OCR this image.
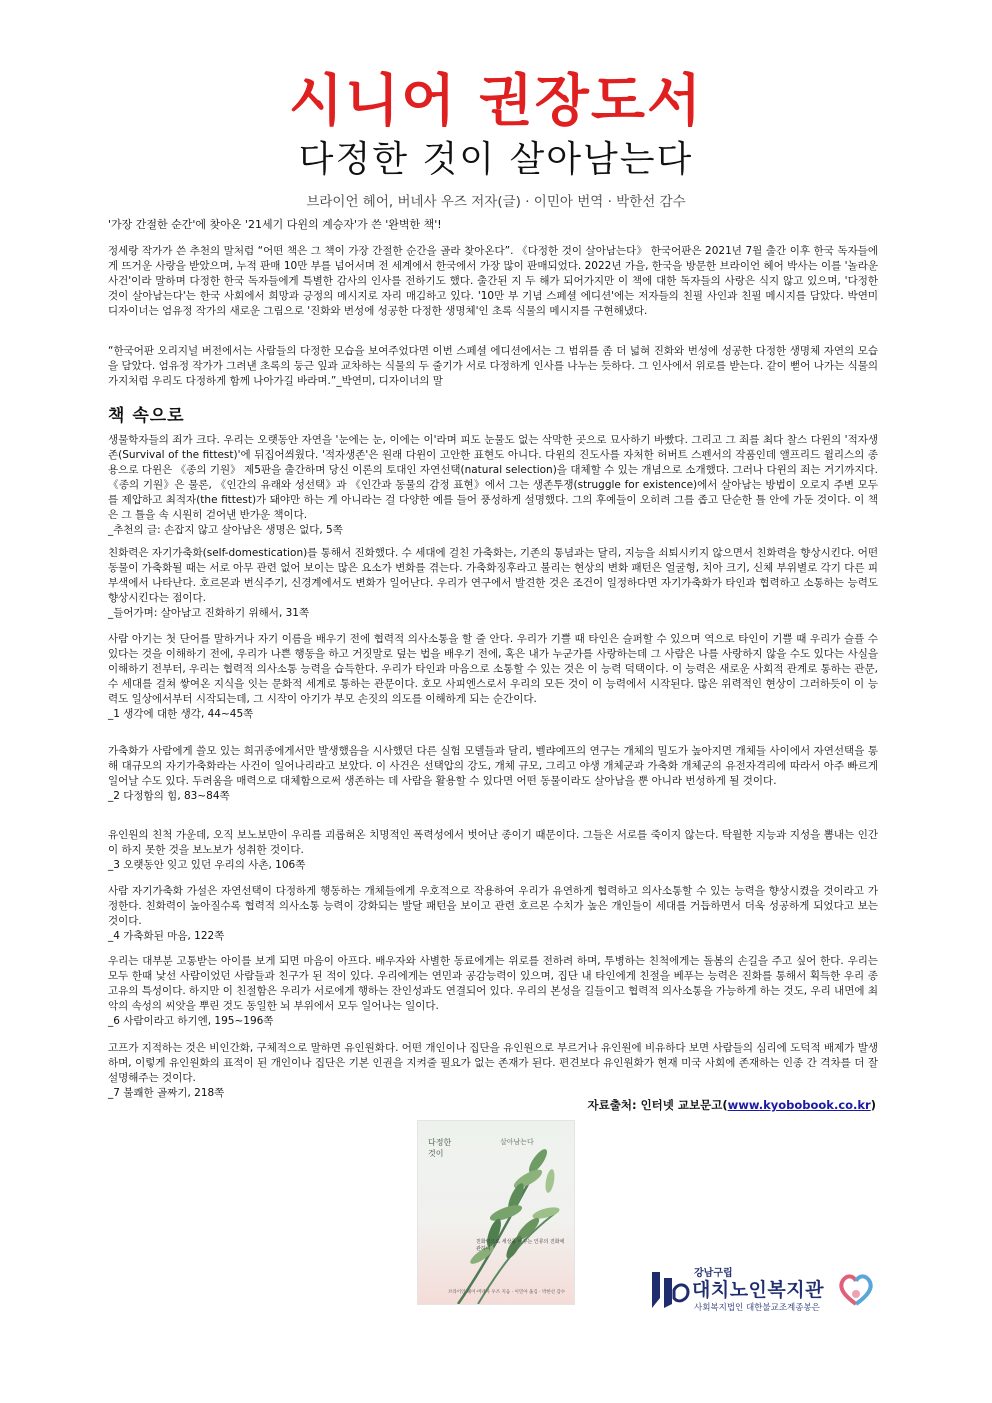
시니어 권장도서
다정한 것이 살아남는다
브라이언 헤어, 버네사 우즈 저자(글) · 이민아 번역 · 박한선 감수
'가장 간절한 순간'에 찾아온 '21세기 다윈의 계승자'가 쓴 '완벽한 책'!

정세랑 작가가 쓴 추천의 말처럼 “어떤 책은 그 책이 가장 간절한 순간을 골라 찾아온다”. 《다정한 것이 살아남는다》 한국어판은 2021년 7월 출간 이후 한국 독자들에게 뜨거운 사랑을 받았으며, 누적 판매 10만 부를 넘어서며 전 세계에서 한국에서 가장 많이 판매되었다. 2022년 가을, 한국을 방문한 브라이언 헤어 박사는 이를 '놀라운 사건'이라 말하며 다정한 한국 독자들에게 특별한 감사의 인사를 전하기도 했다. 출간된 지 두 해가 되어가지만 이 책에 대한 독자들의 사랑은 식지 않고 있으며, '다정한 것이 살아남는다'는 한국 사회에서 희망과 긍정의 메시지로 자리 매김하고 있다. '10만 부 기념 스페셜 에디션'에는 저자들의 친필 사인과 친필 메시지를 담았다. 박연미 디자이너는 엄유정 작가의 새로운 그림으로 '진화와 번성에 성공한 다정한 생명체'인 초록 식물의 메시지를 구현해냈다.

“한국어판 오리지널 버전에서는 사람들의 다정한 모습을 보여주었다면 이번 스페셜 에디션에서는 그 범위를 좀 더 넓혀 진화와 번성에 성공한 다정한 생명체 자연의 모습을 담았다. 엄유정 작가가 그려낸 초록의 둥근 잎과 교차하는 식물의 두 줄기가 서로 다정하게 인사를 나누는 듯하다. 그 인사에서 위로를 받는다. 같이 뻗어 나가는 식물의 가지처럼 우리도 다정하게 함께 나아가길 바라며.”_박연미, 디자이너의 말

책 속으로

생물학자들의 죄가 크다. 우리는 오랫동안 자연을 '눈에는 눈, 이에는 이'라며 피도 눈물도 없는 삭막한 곳으로 묘사하기 바빴다. 그리고 그 죄를 최다 찰스 다윈의 '적자생존(Survival of the fittest)'에 뒤집어씌웠다. '적자생존'은 원래 다윈이 고안한 표현도 아니다. 다윈의 진도사를 자처한 허버트 스펜서의 작품인데 앨프리드 윌리스의 종용으로 다윈은 《종의 기원》 제5판을 출간하며 당신 이론의 토대인 자연선택(natural selection)을 대체할 수 있는 개념으로 소개했다. 그러나 다윈의 죄는 거기까지다. 《종의 기원》은 물론, 《인간의 유래와 성선택》과 《인간과 동물의 감정 표현》에서 그는 생존투쟁(struggle for existence)에서 살아남는 방법이 오로지 주변 모두를 제압하고 최적자(the fittest)가 돼야만 하는 게 아니라는 걸 다양한 예를 들어 풍성하게 설명했다. 그의 후예들이 오히려 그를 좁고 단순한 틀 안에 가둔 것이다. 이 책은 그 틀을 속 시원히 걷어낸 반가운 책이다.

_추천의 글: 손잡지 않고 살아남은 생명은 없다, 5쪽

친화력은 자기가축화(self-domestication)를 통해서 진화했다. 수 세대에 걸친 가축화는, 기존의 통념과는 달리, 지능을 쇠퇴시키지 않으면서 친화력을 향상시킨다. 어떤 동물이 가축화될 때는 서로 아무 관련 없어 보이는 많은 요소가 변화를 겪는다. 가축화징후라고 불리는 현상의 변화 패턴은 얼굴형, 치아 크기, 신체 부위별로 각기 다른 피부색에서 나타난다. 호르몬과 번식주기, 신경계에서도 변화가 일어난다. 우리가 연구에서 발견한 것은 조건이 일정하다면 자기가축화가 타인과 협력하고 소통하는 능력도 향상시킨다는 점이다.

_들어가며: 살아남고 진화하기 위해서, 31쪽

사람 아기는 첫 단어를 말하거나 자기 이름을 배우기 전에 협력적 의사소통을 할 줄 안다. 우리가 기쁠 때 타인은 슬퍼할 수 있으며 역으로 타인이 기쁠 때 우리가 슬플 수 있다는 것을 이해하기 전에, 우리가 나쁜 행동을 하고 거짓말로 덮는 법을 배우기 전에, 혹은 내가 누군가를 사랑하는데 그 사람은 나를 사랑하지 않을 수도 있다는 사실을 이해하기 전부터, 우리는 협력적 의사소통 능력을 습득한다. 우리가 타인과 마음으로 소통할 수 있는 것은 이 능력 덕택이다. 이 능력은 새로운 사회적 관계로 통하는 관문, 수 세대를 걸쳐 쌓여온 지식을 잇는 문화적 세계로 통하는 관문이다. 호모 사피엔스로서 우리의 모든 것이 이 능력에서 시작된다. 많은 위력적인 현상이 그러하듯이 이 능력도 일상에서부터 시작되는데, 그 시작이 아기가 부모 손짓의 의도를 이해하게 되는 순간이다.

_1 생각에 대한 생각, 44~45쪽

가축화가 사람에게 쓸모 있는 희귀종에게서만 발생했음을 시사했던 다른 실험 모델들과 달리, 벨랴예프의 연구는 개체의 밀도가 높아지면 개체들 사이에서 자연선택을 통해 대규모의 자기가축화라는 사건이 일어나리라고 보았다. 이 사건은 선택압의 강도, 개체 규모, 그리고 야생 개체군과 가축화 개체군의 유전자격리에 따라서 아주 빠르게 일어날 수도 있다. 두려움을 매력으로 대체함으로써 생존하는 데 사람을 활용할 수 있다면 어떤 동물이라도 살아남을 뿐 아니라 번성하게 될 것이다.

_2 다정함의 힘, 83~84쪽

유인원의 친척 가운데, 오직 보노보만이 우리를 괴롭혀온 치명적인 폭력성에서 벗어난 종이기 때문이다. 그들은 서로를 죽이지 않는다. 탁월한 지능과 지성을 뽐내는 인간이 하지 못한 것을 보노보가 성취한 것이다.

_3 오랫동안 잊고 있던 우리의 사촌, 106쪽

사람 자기가축화 가설은 자연선택이 다정하게 행동하는 개체들에게 우호적으로 작용하여 우리가 유연하게 협력하고 의사소통할 수 있는 능력을 향상시켰을 것이라고 가정한다. 친화력이 높아질수록 협력적 의사소통 능력이 강화되는 발달 패턴을 보이고 관련 호르몬 수치가 높은 개인들이 세대를 거듭하면서 더욱 성공하게 되었다고 보는 것이다.

_4 가축화된 마음, 122쪽

우리는 대부분 고통받는 아이를 보게 되면 마음이 아프다. 배우자와 사별한 동료에게는 위로를 전하려 하며, 투병하는 친척에게는 돌봄의 손길을 주고 싶어 한다. 우리는 모두 한때 낯선 사람이었던 사람들과 친구가 된 적이 있다. 우리에게는 연민과 공감능력이 있으며, 집단 내 타인에게 친절을 베푸는 능력은 진화를 통해서 획득한 우리 종 고유의 특성이다. 하지만 이 친절함은 우리가 서로에게 행하는 잔인성과도 연결되어 있다. 우리의 본성을 길들이고 협력적 의사소통을 가능하게 하는 것도, 우리 내면에 최악의 속성의 씨앗을 뿌린 것도 동일한 뇌 부위에서 모두 일어나는 일이다.

_6 사람이라고 하기엔, 195~196쪽

고프가 지적하는 것은 비인간화, 구체적으로 말하면 유인원화다. 어떤 개인이나 집단을 유인원으로 부르거나 유인원에 비유하다 보면 사람들의 심리에 도덕적 배제가 발생하며, 이렇게 유인원화의 표적이 된 개인이나 집단은 기본 인권을 지켜줄 필요가 없는 존재가 된다. 편견보다 유인원화가 현재 미국 사회에 존재하는 인종 간 격차를 더 잘 설명해주는 것이다.

_7 불쾌한 골짜기, 218쪽
자료출처: 인터넷 교보문고(www.kyobobook.co.kr)
다정한
것이
살아남는다
친화력으로 세상을 바꾸는 인류의 진화에 관하여
브라이언 헤어·버네사 우즈 지음 · 이민아 옮김 · 박한선 감수
강남구립
대치노인복지관
사회복지법인 대한불교조계종봉은
